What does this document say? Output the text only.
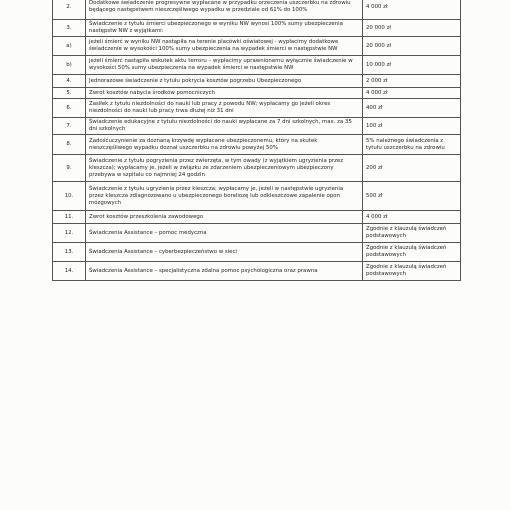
2.	Dodatkowe świadczenie progresywne wypłacane w przypadku orzeczenia uszczerbku na zdrowiu będącego następstwem nieszczęśliwego wypadku w przedziale od 61% do 100%	4 000 zł
3.	Świadczenie z tytułu śmierci ubezpieczonego w wyniku NW wynosi 100% sumy ubezpieczenia następstw NW z wyjątkami:	20 000 zł
a)	jeżeli śmierć w wyniku NW nastąpiła na terenie placówki oświatowej - wypłacimy dodatkowe świadczenie w wysokości 100% sumy ubezpieczenia na wypadek śmierci w następstwie NW	20 000 zł
b)	jeżeli śmierć nastąpiła wskutek aktu terroru – wypłacimy uprawnionemu wyłącznie świadczenie w wysokości 50% sumy ubezpieczenia na wypadek śmierci w następstwie NW	10 000 zł
4.	Jednorazowe świadczenie z tytułu pokrycia kosztów pogrzebu Ubezpieczonego	2 000 zł
5.	Zwrot kosztów nabycia środków pomocniczych	4 000 zł
6.	Zasiłek z tytułu niezdolności do nauki lub pracy z powodu NW; wypłacamy go jeżeli okres niezdolności do nauki lub pracy trwa dłużej niż 31 dni	400 zł
7.	Świadczenie edukacyjne z tytułu niezdolności do nauki wypłacane za 7 dni szkolnych, max. za 35 dni szkolnych	100 zł
8.	Zadośćuczynienie za doznaną krzywdę wypłacane ubezpieczonemu, który na skutek nieszczęśliwego wypadku doznał uszczerbku na zdrowiu powyżej 50%	5% należnego świadczenia z tytułu uszczerbku na zdrowiu
9.	Świadczenie z tytułu pogryzienia przez zwierzęta, w tym owady (z wyjątkiem ugryzienia przez kleszcza); wypłacamy je, jeżeli w związku ze zdarzeniem ubezpieczeniowym ubezpieczony przebywa w szpitalu co najmniej 24 godzin	200 zł
10.	Świadczenie z tytułu ugryzienia przez kleszcza; wypłacamy je, jeżeli w następstwie ugryzienia przez kleszcza zdiagnozowano u ubezpieczonego boreliozę lub odkleszczowe zapalenie opon mózgowych	500 zł
11.	Zwrot kosztów przeszkolenia zawodowego	4 000 zł
12.	Świadczenia Assistance – pomoc medyczna	Zgodnie z klauzulą świadczeń podstawowych
13.	Świadczenia Assistance – cyberbezpieczeństwo w sieci	Zgodnie z klauzulą świadczeń podstawowych
14.	Świadczenia Assistance – specjalistyczna zdalna pomoc psychologiczna oraz prawna	Zgodnie z klauzulą świadczeń podstawowych
